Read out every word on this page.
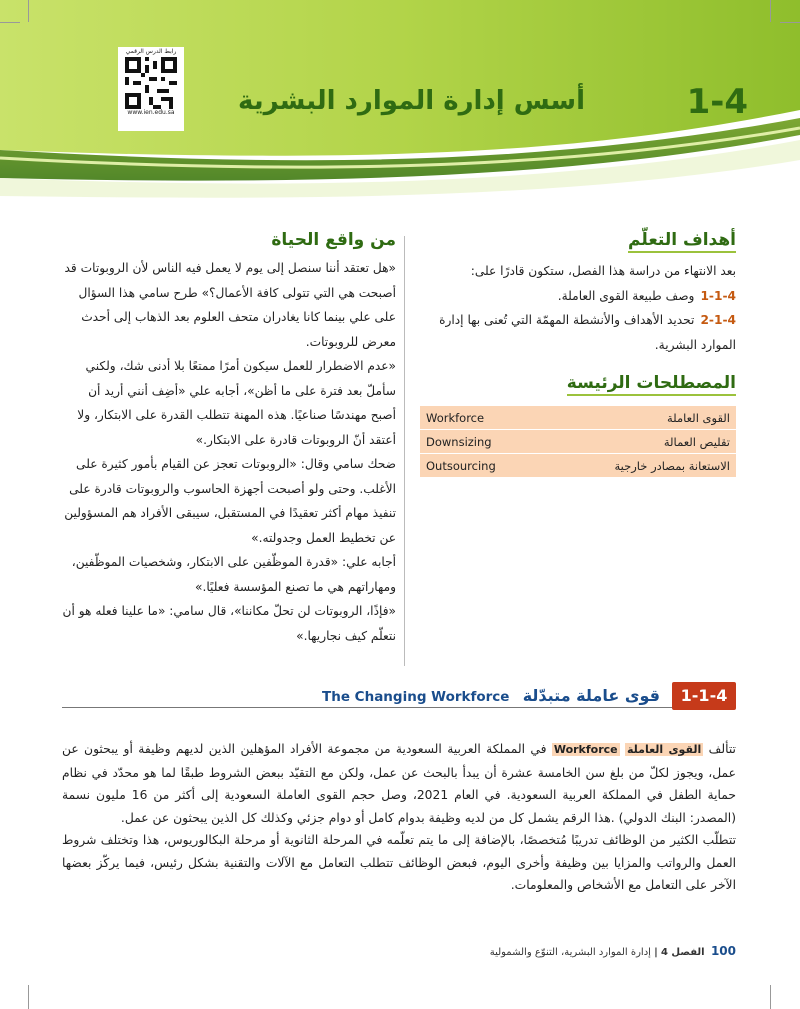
رابط الدرس الرقمي
www.ien.edu.sa	أسس إدارة الموارد البشرية	1-4
أهداف التعلّم

بعد الانتهاء من دراسة هذا الفصل، ستكون قادرًا على:

1-1-4وصف طبيعة القوى العاملة.

2-1-4تحديد الأهداف والأنشطة المهمّة التي تُعنى بها إدارة الموارد البشرية.

المصطلحات الرئيسة
القوى العاملة	Workforce
تقليص العمالة	Downsizing
الاستعانة بمصادر خارجية	Outsourcing
من واقع الحياة

«هل تعتقد أننا سنصل إلى يوم لا يعمل فيه الناس لأن الروبوتات قد أصبحت هي التي تتولى كافة الأعمال؟» طرح سامي هذا السؤال على علي بينما كانا يغادران متحف العلوم بعد الذهاب إلى أحدث معرض للروبوتات.

«عدم الاضطرار للعمل سيكون أمرًا ممتعًا بلا أدنى شك، ولكني سأملّ بعد فترة على ما أظن»، أجابه علي «أضِف أنني أريد أن أصبح مهندسًا صناعيًا. هذه المهنة تتطلب القدرة على الابتكار، ولا أعتقد أنّ الروبوتات قادرة على الابتكار.»

ضحك سامي وقال: «الروبوتات تعجز عن القيام بأمور كثيرة على الأغلب. وحتى ولو أصبحت أجهزة الحاسوب والروبوتات قادرة على تنفيذ مهام أكثر تعقيدًا في المستقبل، سيبقى الأفراد هم المسؤولين عن تخطيط العمل وجدولته.»

أجابه علي: «قدرة الموظّفين على الابتكار، وشخصيات الموظّفين، ومهاراتهم هي ما تصنع المؤسسة فعليًا.»

«فإذًا، الروبوتات لن تحلّ مكاننا»، قال سامي: «ما علينا فعله هو أن نتعلّم كيف نجاريها.»

1-1-4
قوى عاملة متبدّلة
The Changing Workforce

تتألف القوى العاملة Workforce في المملكة العربية السعودية من مجموعة الأفراد المؤهلين الذين لديهم وظيفة أو يبحثون عن عمل، ويجوز لكلّ من بلغ سن الخامسة عشرة أن يبدأ بالبحث عن عمل، ولكن مع التقيّد ببعض الشروط طبقًا لما هو محدّد في نظام حماية الطفل في المملكة العربية السعودية. في العام 2021، وصل حجم القوى العاملة السعودية إلى أكثر من 16 مليون نسمة (المصدر: البنك الدولي) .هذا الرقم يشمل كل من لديه وظيفة بدوام كامل أو دوام جزئي وكذلك كل الذين يبحثون عن عمل.

تتطلّب الكثير من الوظائف تدريبًا مُتخصصًا، بالإضافة إلى ما يتم تعلّمه في المرحلة الثانوية أو مرحلة البكالوريوس، هذا وتختلف شروط العمل والرواتب والمزايا بين وظيفة وأخرى اليوم، فبعض الوظائف تتطلب التعامل مع الآلات والتقنية بشكل رئيس، فيما يركّز بعضها الآخر على التعامل مع الأشخاص والمعلومات.

100  الفصل 4 | إدارة الموارد البشرية، التنوّع والشمولية
